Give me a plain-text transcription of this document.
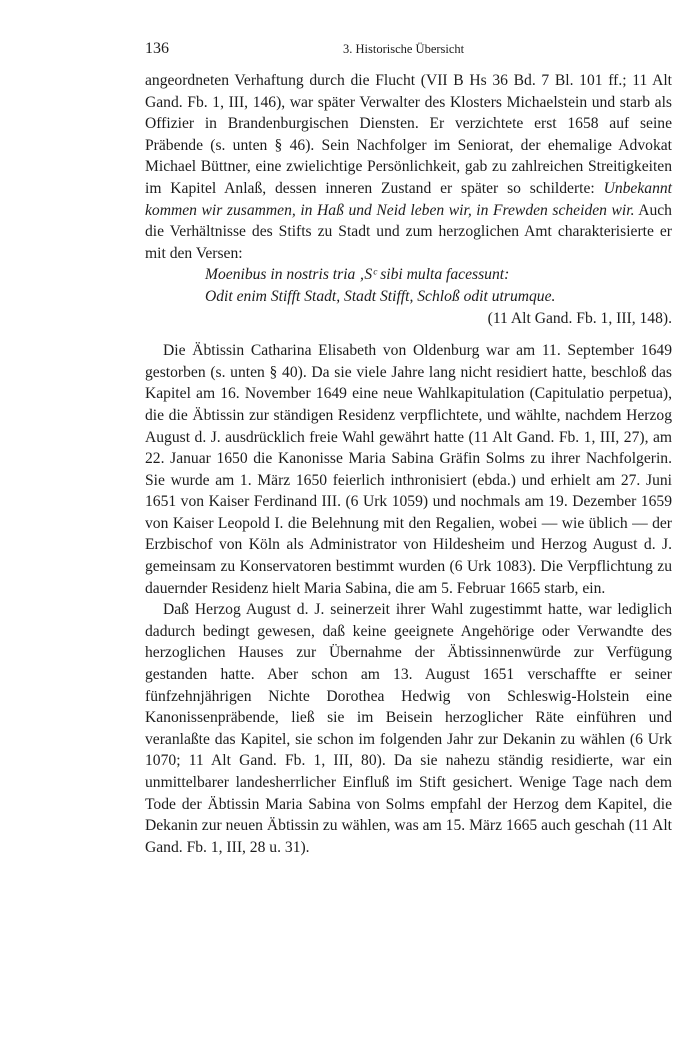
136	3. Historische Übersicht

angeordneten Verhaftung durch die Flucht (VII B Hs 36 Bd. 7 Bl. 101 ff.; 11 Alt Gand. Fb. 1, III, 146), war später Verwalter des Klosters Michaelstein und starb als Offizier in Brandenburgischen Diensten. Er verzichtete erst 1658 auf seine Präbende (s. unten § 46). Sein Nachfolger im Seniorat, der ehemalige Advokat Michael Büttner, eine zwielichtige Persönlichkeit, gab zu zahlreichen Streitigkeiten im Kapitel Anlaß, dessen inneren Zustand er später so schilderte: Unbekannt kommen wir zusammen, in Haß und Neid leben wir, in Frewden scheiden wir. Auch die Verhältnisse des Stifts zu Stadt und zum herzoglichen Amt charakterisierte er mit den Versen:

Moenibus in nostris tria ‚Sᶜ sibi multa facessunt:

Odit enim Stifft Stadt, Stadt Stifft, Schloß odit utrumque.

(11 Alt Gand. Fb. 1, III, 148).

Die Äbtissin Catharina Elisabeth von Oldenburg war am 11. September 1649 gestorben (s. unten § 40). Da sie viele Jahre lang nicht residiert hatte, beschloß das Kapitel am 16. November 1649 eine neue Wahlkapitulation (Capitulatio perpetua), die die Äbtissin zur ständigen Residenz verpflichtete, und wählte, nachdem Herzog August d. J. ausdrücklich freie Wahl gewährt hatte (11 Alt Gand. Fb. 1, III, 27), am 22. Januar 1650 die Kanonisse Maria Sabina Gräfin Solms zu ihrer Nachfolgerin. Sie wurde am 1. März 1650 feierlich inthronisiert (ebda.) und erhielt am 27. Juni 1651 von Kaiser Ferdinand III. (6 Urk 1059) und nochmals am 19. Dezember 1659 von Kaiser Leopold I. die Belehnung mit den Regalien, wobei — wie üblich — der Erzbischof von Köln als Administrator von Hildesheim und Herzog August d. J. gemeinsam zu Konservatoren bestimmt wurden (6 Urk 1083). Die Verpflichtung zu dauernder Residenz hielt Maria Sabina, die am 5. Februar 1665 starb, ein.

Daß Herzog August d. J. seinerzeit ihrer Wahl zugestimmt hatte, war lediglich dadurch bedingt gewesen, daß keine geeignete Angehörige oder Verwandte des herzoglichen Hauses zur Übernahme der Äbtissinnenwürde zur Verfügung gestanden hatte. Aber schon am 13. August 1651 verschaffte er seiner fünfzehnjährigen Nichte Dorothea Hedwig von Schleswig-Holstein eine Kanonissenpräbende, ließ sie im Beisein herzoglicher Räte einführen und veranlaßte das Kapitel, sie schon im folgenden Jahr zur Dekanin zu wählen (6 Urk 1070; 11 Alt Gand. Fb. 1, III, 80). Da sie nahezu ständig residierte, war ein unmittelbarer landesherrlicher Einfluß im Stift gesichert. Wenige Tage nach dem Tode der Äbtissin Maria Sabina von Solms empfahl der Herzog dem Kapitel, die Dekanin zur neuen Äbtissin zu wählen, was am 15. März 1665 auch geschah (11 Alt Gand. Fb. 1, III, 28 u. 31).
